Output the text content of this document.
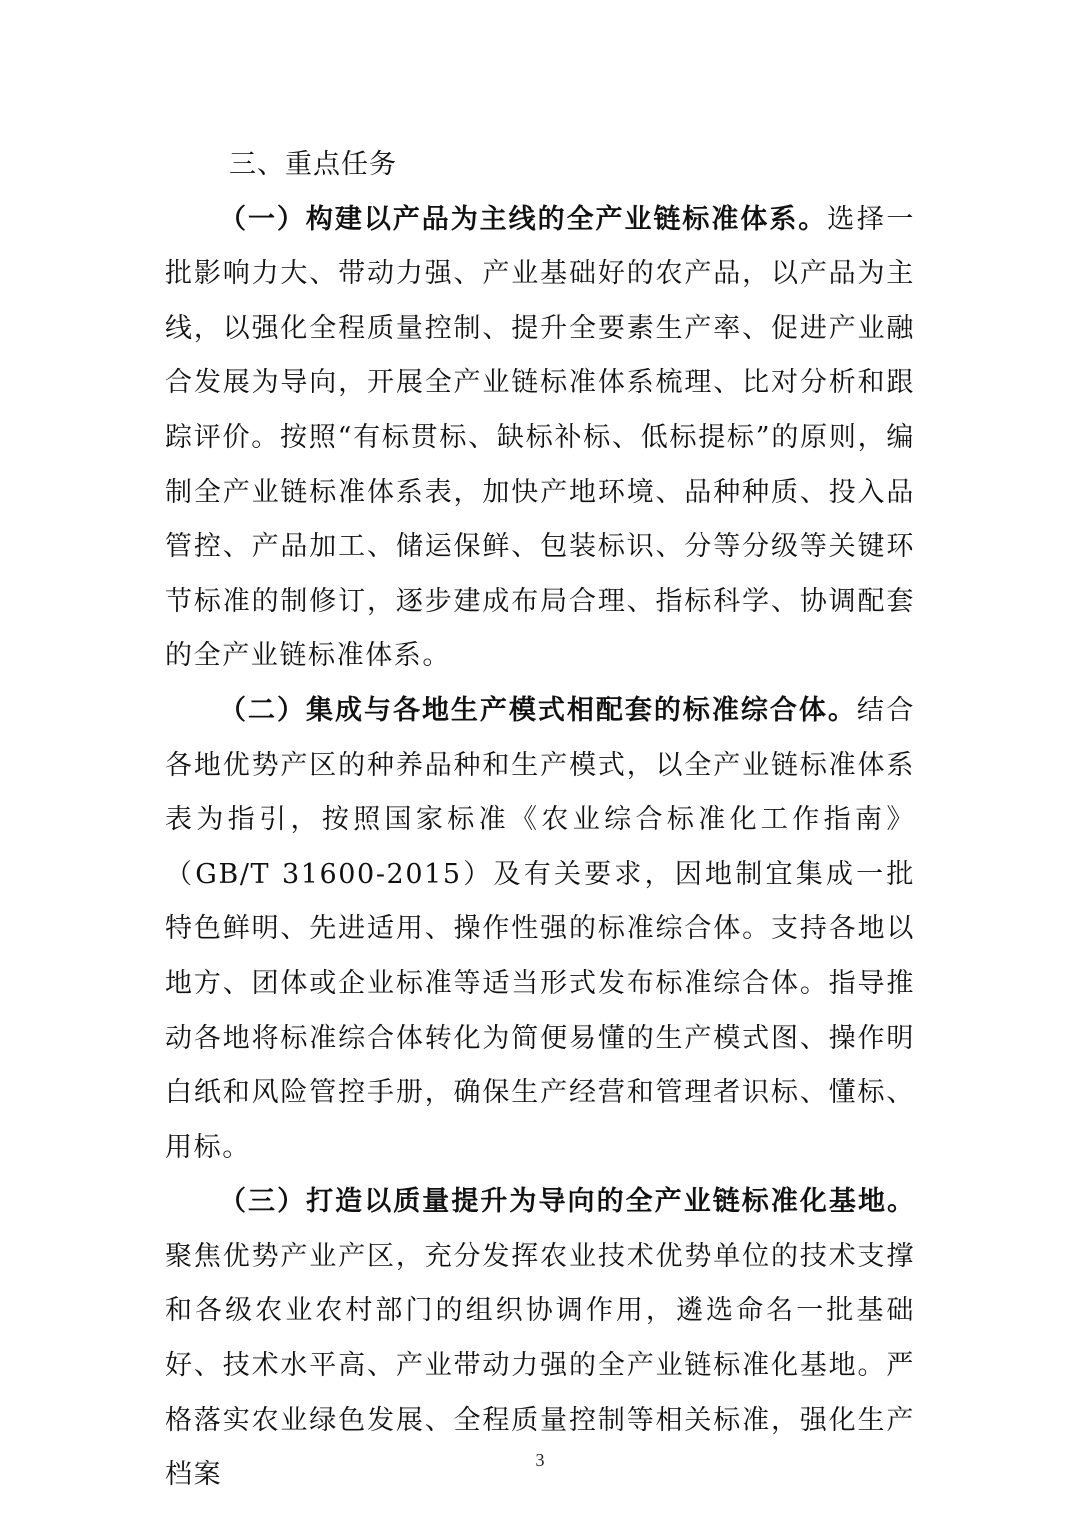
三、重点任务

（一）构建以产品为主线的全产业链标准体系。选择一批影响力大、带动力强、产业基础好的农产品，以产品为主线，以强化全程质量控制、提升全要素生产率、促进产业融合发展为导向，开展全产业链标准体系梳理、比对分析和跟踪评价。按照“有标贯标、缺标补标、低标提标”的原则，编制全产业链标准体系表，加快产地环境、品种种质、投入品管控、产品加工、储运保鲜、包装标识、分等分级等关键环节标准的制修订，逐步建成布局合理、指标科学、协调配套的全产业链标准体系。

（二）集成与各地生产模式相配套的标准综合体。结合各地优势产区的种养品种和生产模式，以全产业链标准体系表为指引，按照国家标准《农业综合标准化工作指南》（GB/T 31600-2015）及有关要求，因地制宜集成一批特色鲜明、先进适用、操作性强的标准综合体。支持各地以地方、团体或企业标准等适当形式发布标准综合体。指导推动各地将标准综合体转化为简便易懂的生产模式图、操作明白纸和风险管控手册，确保生产经营和管理者识标、懂标、用标。

（三）打造以质量提升为导向的全产业链标准化基地。聚焦优势产业产区，充分发挥农业技术优势单位的技术支撑和各级农业农村部门的组织协调作用，遴选命名一批基础好、技术水平高、产业带动力强的全产业链标准化基地。严格落实农业绿色发展、全程质量控制等相关标准，强化生产档案	3
